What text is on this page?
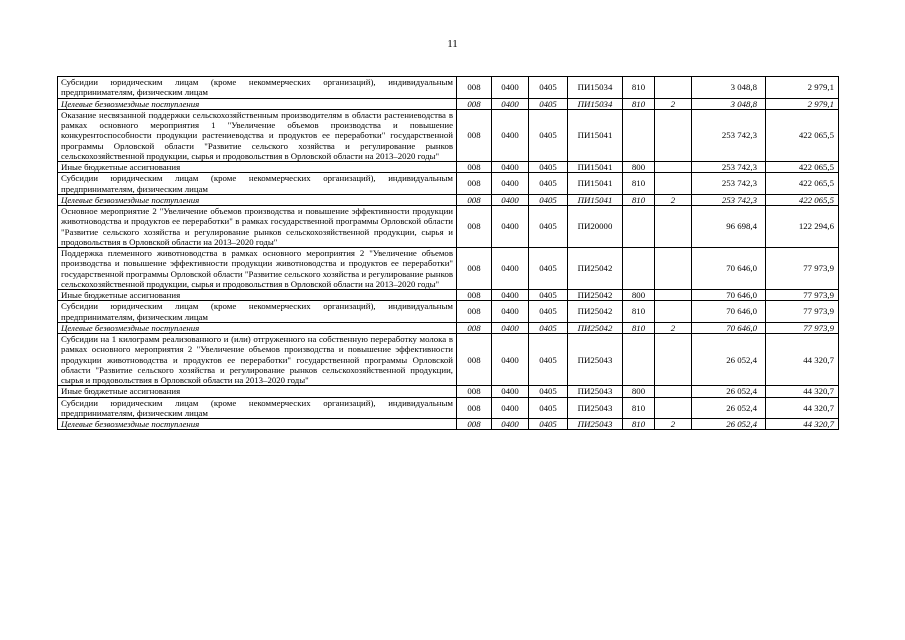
11
Субсидии юридическим лицам (кроме некоммерческих организаций), индивидуальным предпринимателям, физическим лицам	008	0400	0405	ПИ15034	810		3 048,8	2 979,1
Целевые безвозмездные поступления	008	0400	0405	ПИ15034	810	2	3 048,8	2 979,1
Оказание несвязанной поддержки сельскохозяйственным производителям в области растениеводства в рамках основного мероприятия 1 "Увеличение объемов производства и повышение конкурентоспособности продукции растениеводства и продуктов ее переработки" государственной программы Орловской области "Развитие сельского хозяйства и регулирование рынков сельскохозяйственной продукции, сырья и продовольствия в Орловской области на 2013–2020 годы"	008	0400	0405	ПИ15041			253 742,3	422 065,5
Иные бюджетные ассигнования	008	0400	0405	ПИ15041	800		253 742,3	422 065,5
Субсидии юридическим лицам (кроме некоммерческих организаций), индивидуальным предпринимателям, физическим лицам	008	0400	0405	ПИ15041	810		253 742,3	422 065,5
Целевые безвозмездные поступления	008	0400	0405	ПИ15041	810	2	253 742,3	422 065,5
Основное мероприятие 2 "Увеличение объемов производства и повышение эффективности продукции животноводства и продуктов ее переработки" в рамках государственной программы Орловской области "Развитие сельского хозяйства и регулирование рынков сельскохозяйственной продукции, сырья и продовольствия в Орловской области на 2013–2020 годы"	008	0400	0405	ПИ20000			96 698,4	122 294,6
Поддержка племенного животноводства в рамках основного мероприятия 2 "Увеличение объемов производства и повышение эффективности продукции животноводства и продуктов ее переработки" государственной программы Орловской области "Развитие сельского хозяйства и регулирование рынков сельскохозяйственной продукции, сырья и продовольствия в Орловской области на 2013–2020 годы"	008	0400	0405	ПИ25042			70 646,0	77 973,9
Иные бюджетные ассигнования	008	0400	0405	ПИ25042	800		70 646,0	77 973,9
Субсидии юридическим лицам (кроме некоммерческих организаций), индивидуальным предпринимателям, физическим лицам	008	0400	0405	ПИ25042	810		70 646,0	77 973,9
Целевые безвозмездные поступления	008	0400	0405	ПИ25042	810	2	70 646,0	77 973,9
Субсидии на 1 килограмм реализованного и (или) отгруженного на собственную переработку молока в рамках основного мероприятия 2 "Увеличение объемов производства и повышение эффективности продукции животноводства и продуктов ее переработки" государственной программы Орловской области "Развитие сельского хозяйства и регулирование рынков сельскохозяйственной продукции, сырья и продовольствия в Орловской области на 2013–2020 годы"	008	0400	0405	ПИ25043			26 052,4	44 320,7
Иные бюджетные ассигнования	008	0400	0405	ПИ25043	800		26 052,4	44 320,7
Субсидии юридическим лицам (кроме некоммерческих организаций), индивидуальным предпринимателям, физическим лицам	008	0400	0405	ПИ25043	810		26 052,4	44 320,7
Целевые безвозмездные поступления	008	0400	0405	ПИ25043	810	2	26 052,4	44 320,7
